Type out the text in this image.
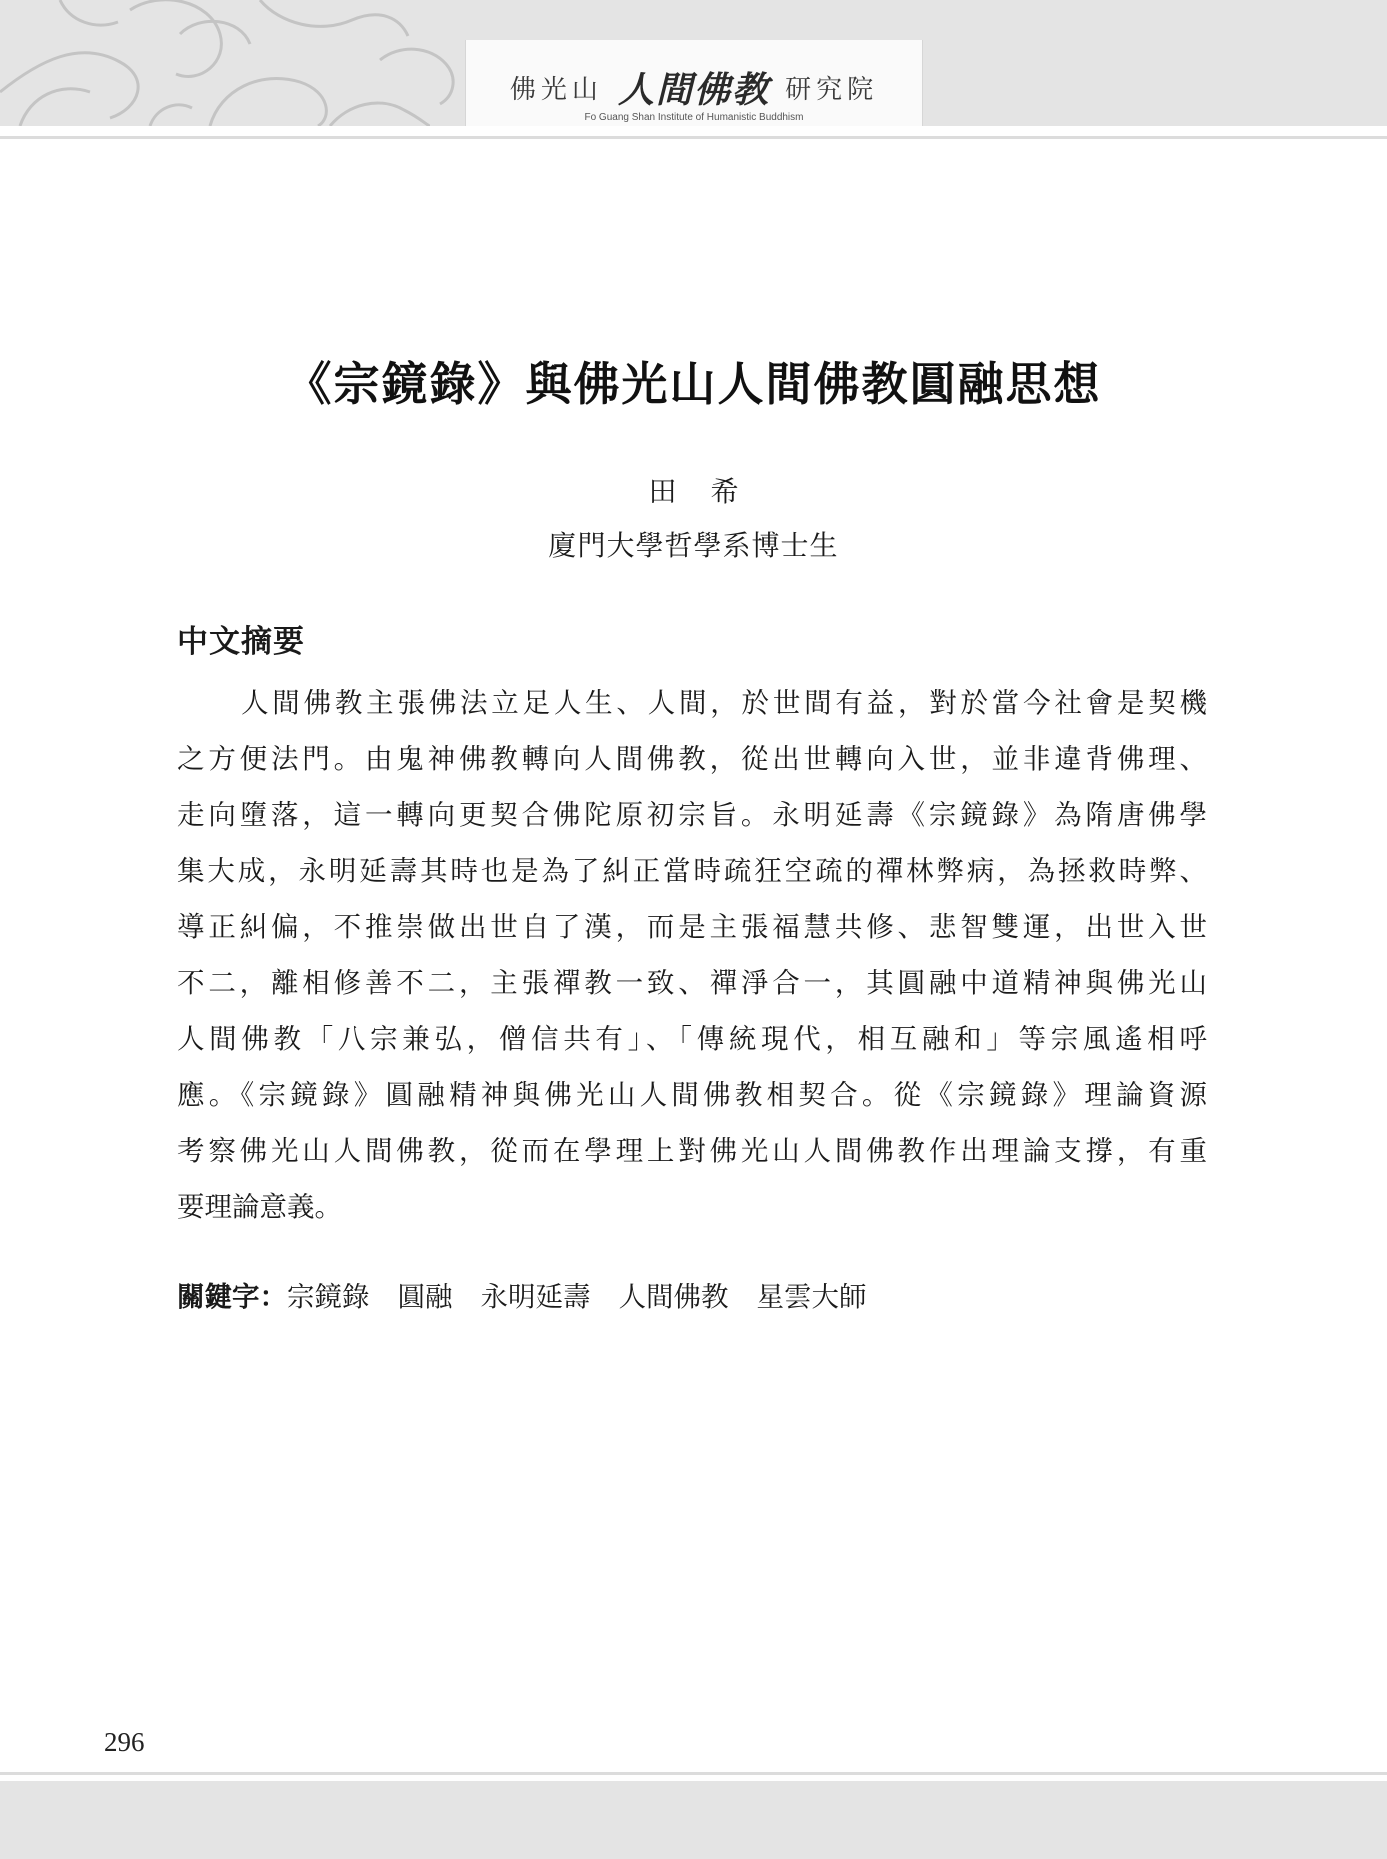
佛光山 人間佛教 研究院
Fo Guang Shan Institute of Humanistic Buddhism
《宗鏡錄》與佛光山人間佛教圓融思想
田希
廈門大學哲學系博士生
中文摘要

人間佛教主張佛法立足人生、人間，於世間有益，對於當今社會是契機
之方便法門。由鬼神佛教轉向人間佛教，從出世轉向入世，並非違背佛理、
走向墮落，這一轉向更契合佛陀原初宗旨。永明延壽《宗鏡錄》為隋唐佛學
集大成，永明延壽其時也是為了糾正當時疏狂空疏的禪林弊病，為拯救時弊、
導正糾偏，不推崇做出世自了漢，而是主張福慧共修、悲智雙運，出世入世
不二，離相修善不二，主張禪教一致、禪淨合一，其圓融中道精神與佛光山
人間佛教「八宗兼弘，僧信共有」、「傳統現代，相互融和」等宗風遙相呼
應。《宗鏡錄》圓融精神與佛光山人間佛教相契合。從《宗鏡錄》理論資源
考察佛光山人間佛教，從而在學理上對佛光山人間佛教作出理論支撐，有重
要理論意義。

關鍵字：宗鏡錄 圓融 永明延壽 人間佛教 星雲大師
296
